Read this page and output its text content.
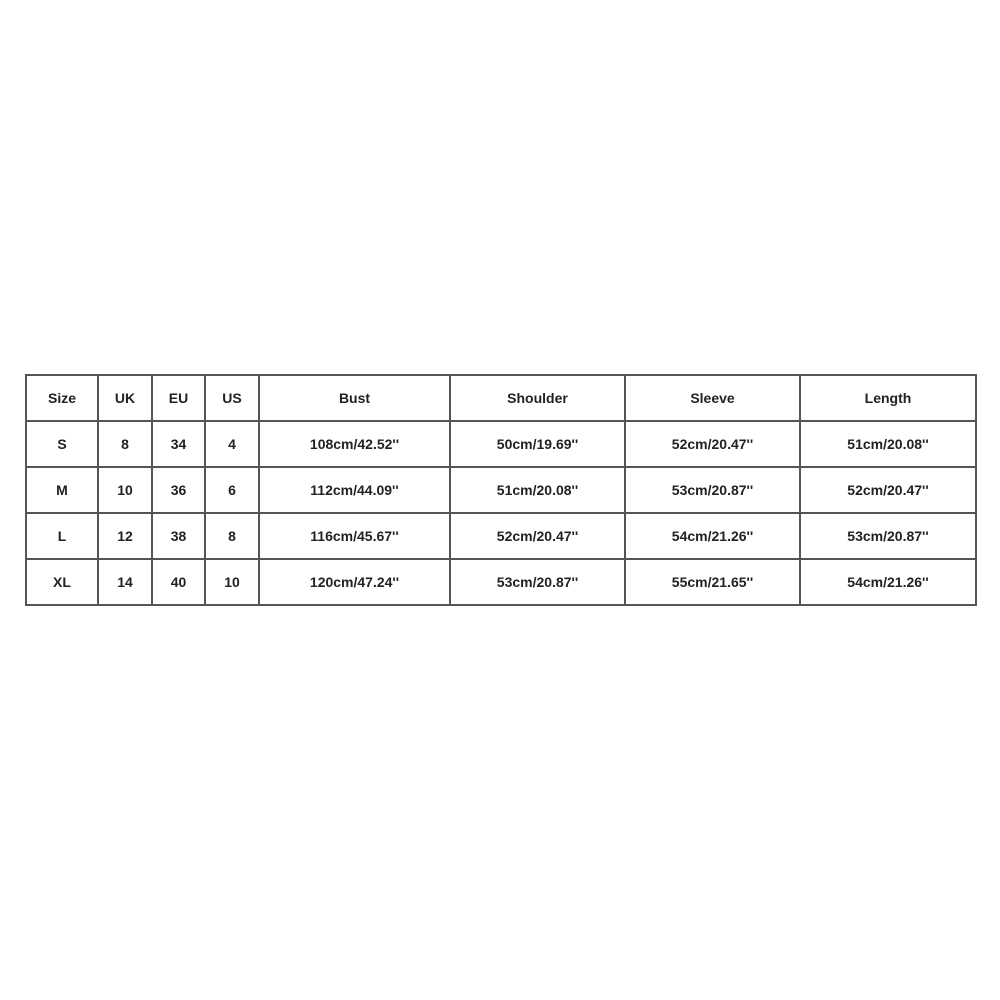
Size	UK	EU	US	Bust	Shoulder	Sleeve	Length
S	8	34	4	108cm/42.52''	50cm/19.69''	52cm/20.47''	51cm/20.08''
M	10	36	6	112cm/44.09''	51cm/20.08''	53cm/20.87''	52cm/20.47''
L	12	38	8	116cm/45.67''	52cm/20.47''	54cm/21.26''	53cm/20.87''
XL	14	40	10	120cm/47.24''	53cm/20.87''	55cm/21.65''	54cm/21.26''
